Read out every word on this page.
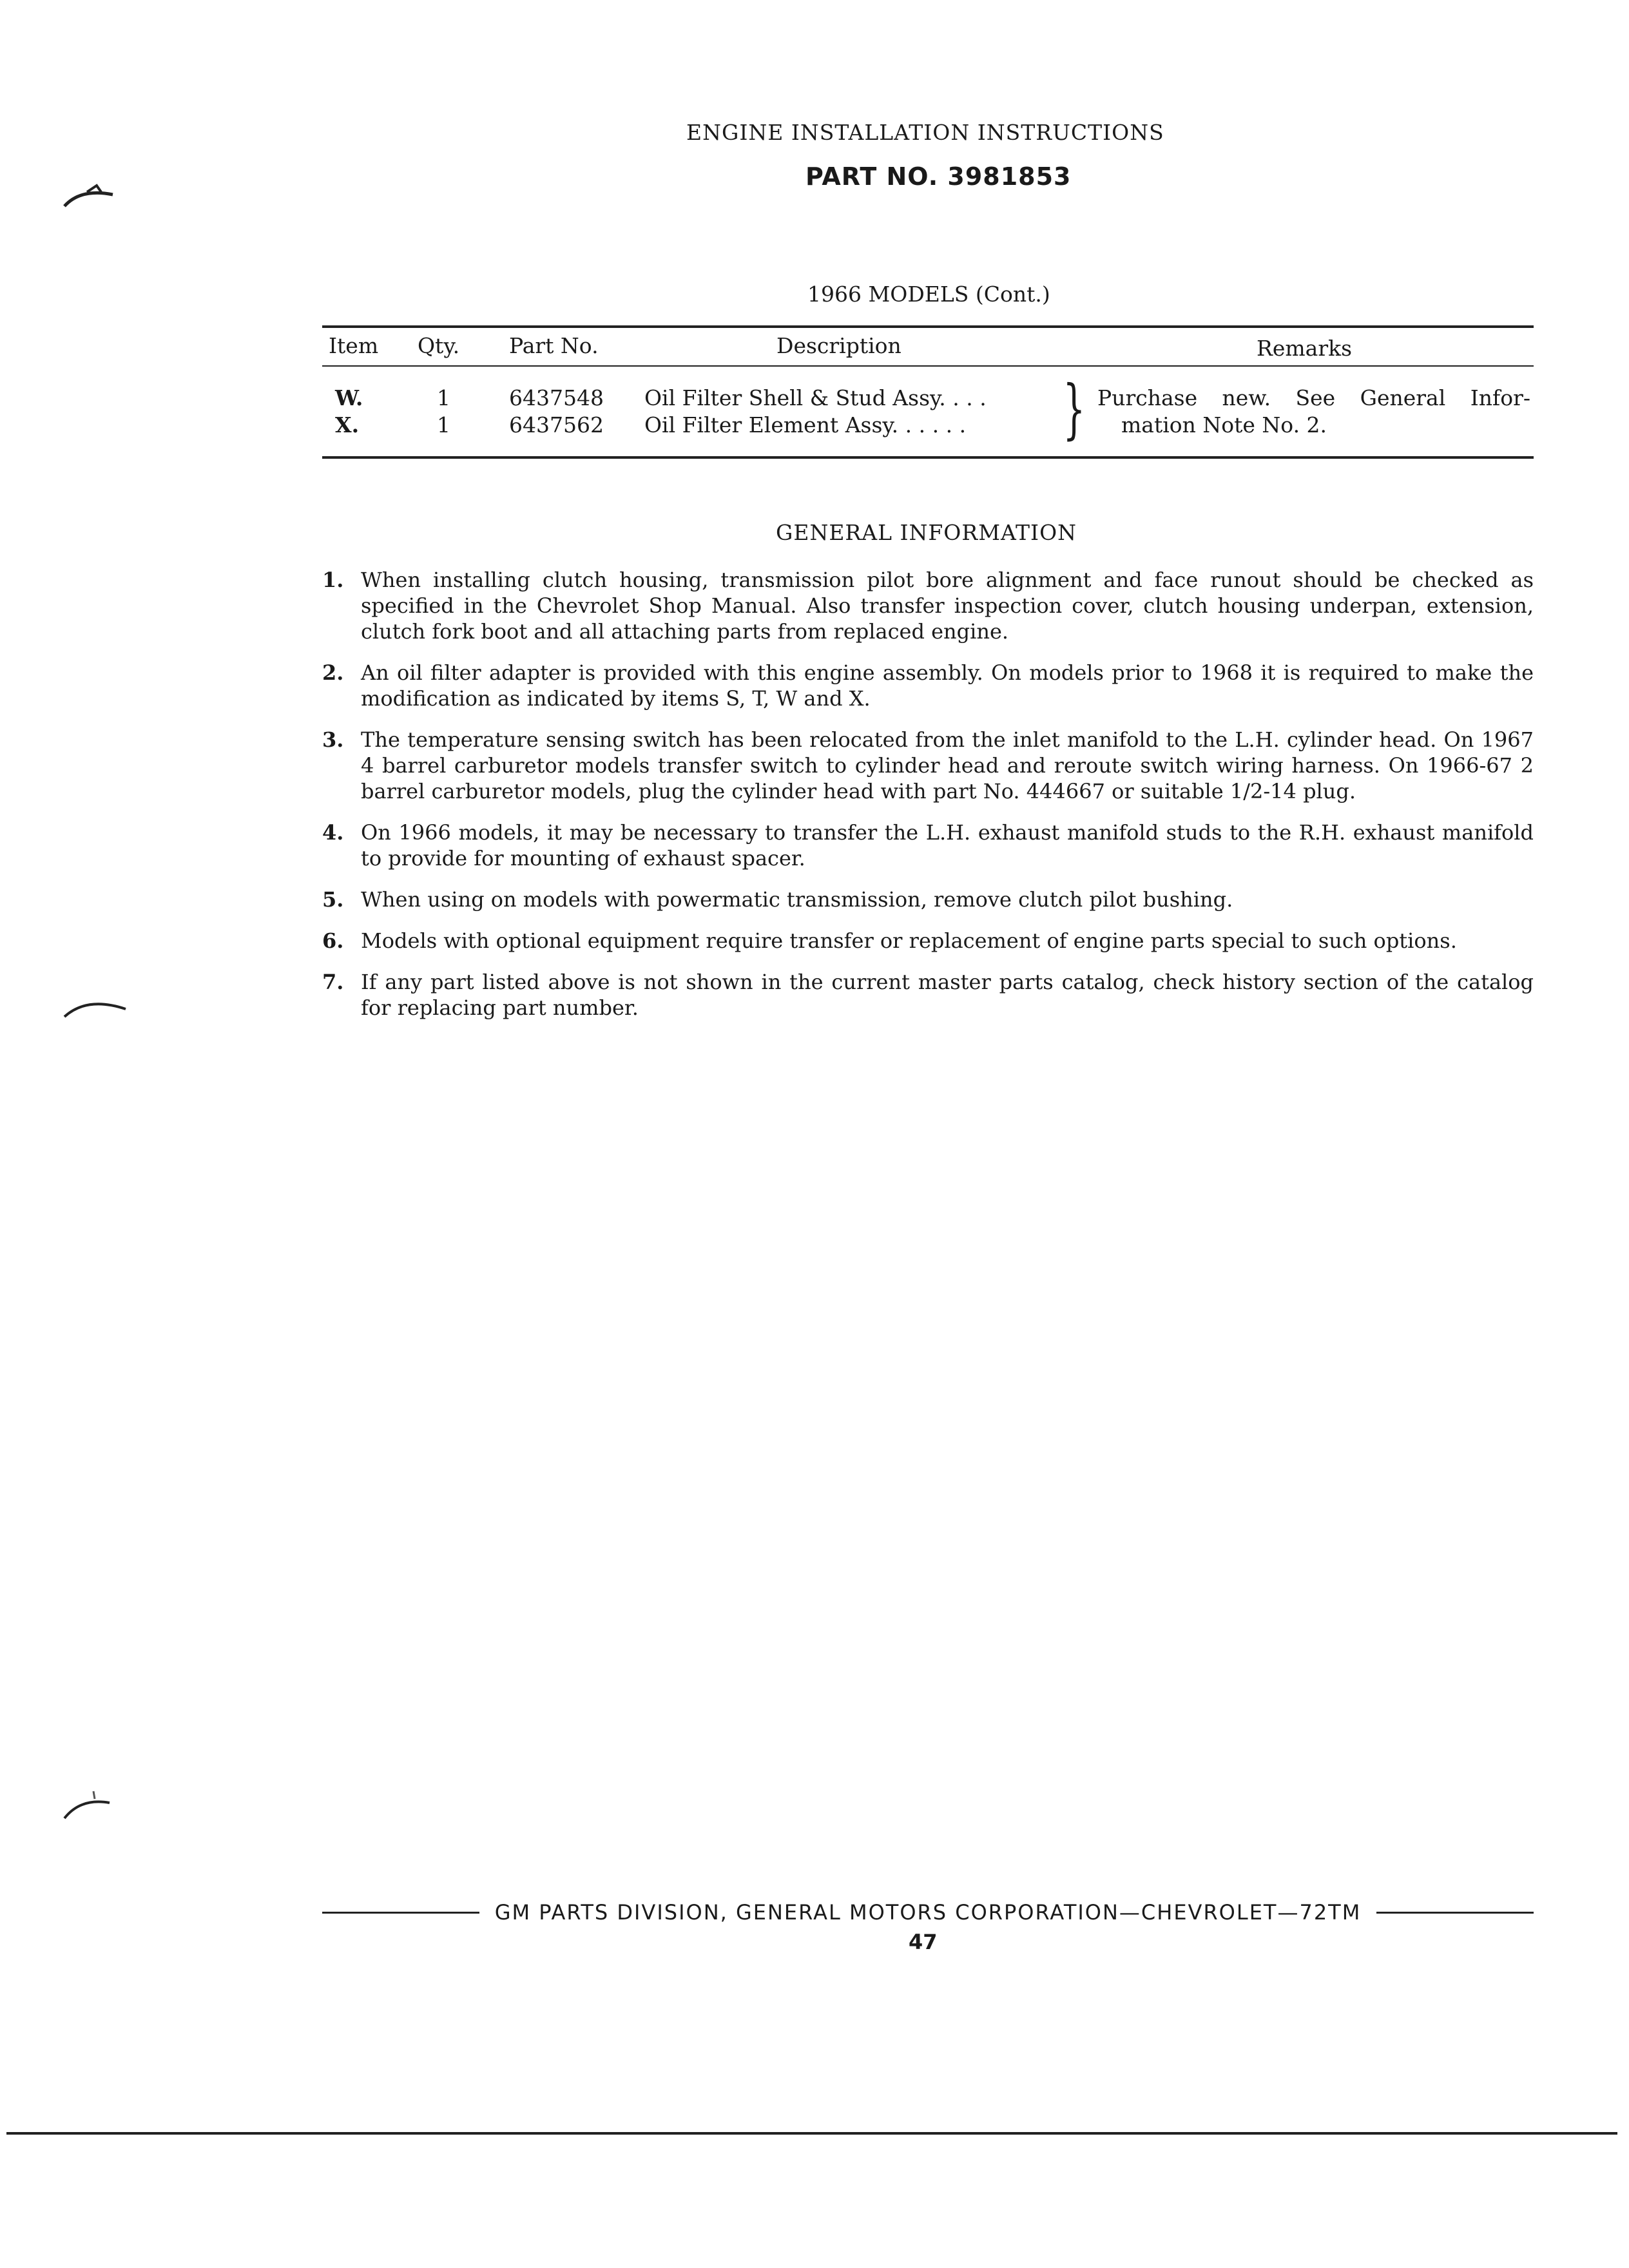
ENGINE INSTALLATION INSTRUCTIONS
PART NO. 3981853
1966 MODELS (Cont.)
Item Qty. Part No.	Description	Remarks
W.	1	6437548 Oil Filter Shell & Stud Assy. . . .
X.	1	6437562 Oil Filter Element Assy. . . . . . } Purchase new. See General Infor-
mation Note No. 2.
GENERAL INFORMATION
1. When installing clutch housing, transmission pilot bore alignment and face runout should be checked as specified in the Chevrolet Shop Manual. Also transfer inspection cover, clutch housing underpan, extension, clutch fork boot and all attaching parts from replaced engine.
2. An oil filter adapter is provided with this engine assembly. On models prior to 1968 it is required to make the modification as indicated by items S, T, W and X.
3. The temperature sensing switch has been relocated from the inlet manifold to the L.H. cylinder head. On 1967 4 barrel carburetor models transfer switch to cylinder head and reroute switch wiring harness. On 1966-67 2 barrel carburetor models, plug the cylinder head with part No. 444667 or suitable 1/2-14 plug.
4. On 1966 models, it may be necessary to transfer the L.H. exhaust manifold studs to the R.H. exhaust manifold to provide for mounting of exhaust spacer.
5. When using on models with powermatic transmission, remove clutch pilot bushing.
6. Models with optional equipment require transfer or replacement of engine parts special to such options.
7. If any part listed above is not shown in the current master parts catalog, check history section of the catalog for replacing part number.
GM PARTS DIVISION, GENERAL MOTORS CORPORATION—CHEVROLET—72TM
47
